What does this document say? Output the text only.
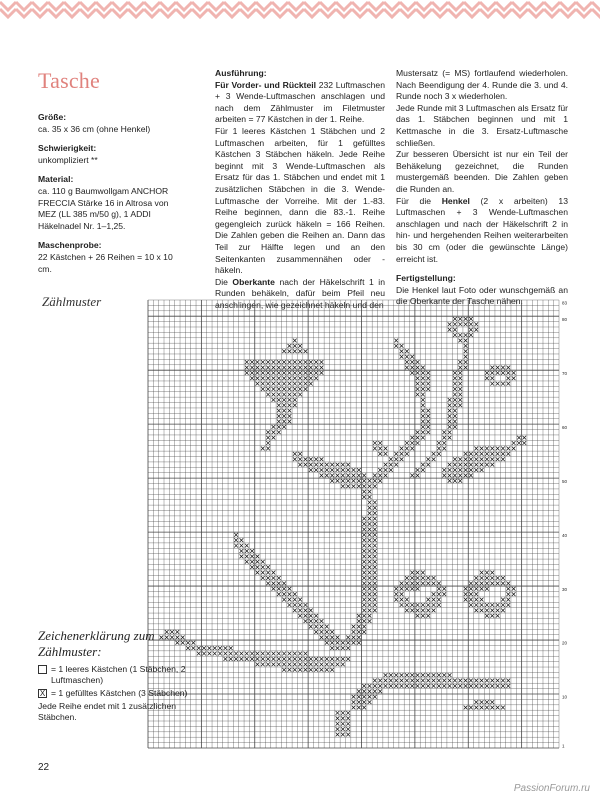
Tasche
Größe:
ca. 35 x 36 cm (ohne Henkel)
Schwierigkeit:
unkompliziert **
Material:
ca. 110 g Baumwollgam ANCHOR FRECCIA Stärke 16 in Altrosa von MEZ (LL 385 m/50 g), 1 ADDI Häkelnadel Nr. 1–1,25.
Maschenprobe:
22 Kästchen + 26 Reihen = 10 x 10 cm.
Ausführung:
Für Vorder- und Rückteil 232 Luftmaschen + 3 Wende-Luftmaschen anschlagen und nach dem Zählmuster im Filetmuster arbeiten = 77 Kästchen in der 1. Reihe.
Für 1 leeres Kästchen 1 Stäbchen und 2 Luftmaschen arbeiten, für 1 gefülltes Kästchen 3 Stäbchen häkeln. Jede Reihe beginnt mit 3 Wende-Luftmaschen als Ersatz für das 1. Stäbchen und endet mit 1 zusätzlichen Stäbchen in die 3. Wende-Luftmasche der Vorreihe. Mit der 1.-83. Reihe beginnen, dann die 83.-1. Reihe gegengleich zurück häkeln = 166 Reihen. Die Zahlen geben die Reihen an. Dann das Teil zur Hälfte legen und an den Seitenkanten zusammennähen oder -häkeln.
Die Oberkante nach der Häkelschrift 1 in Runden behäkeln, dafür beim Pfeil neu anschlingen, wie gezeichnet häkeln und den
Mustersatz (= MS) fortlaufend wiederholen. Nach Beendigung der 4. Runde die 3. und 4. Runde noch 3 x wiederholen.
Jede Runde mit 3 Luftmaschen als Ersatz für das 1. Stäbchen beginnen und mit 1 Kettmasche in die 3. Ersatz-Luftmasche schließen.
Zur besseren Übersicht ist nur ein Teil der Behäkelung gezeichnet, die Runden mustergemäß beenden. Die Zahlen geben die Runden an.
Für die Henkel (2 x arbeiten) 13 Luftmaschen + 3 Wende-Luftmaschen anschlagen und nach der Häkelschrift 2 in hin- und hergehenden Reihen weiterarbeiten bis 30 cm (oder die gewünschte Länge) erreicht ist.
Fertigstellung:
Die Henkel laut Foto oder wunschgemäß an die Oberkante der Tasche nähen.
Zählmuster
1
10
20
30
40
50
60
70
80
83
Zeichenerklärung zum Zählmuster:
= 1 leeres Kästchen (1 Stäbchen, 2 Luftmaschen)
X = 1 gefülltes Kästchen (3 Stäbchen)
Jede Reihe endet mit 1 zusätzlichen Stäbchen.
22
PassionForum.ru
